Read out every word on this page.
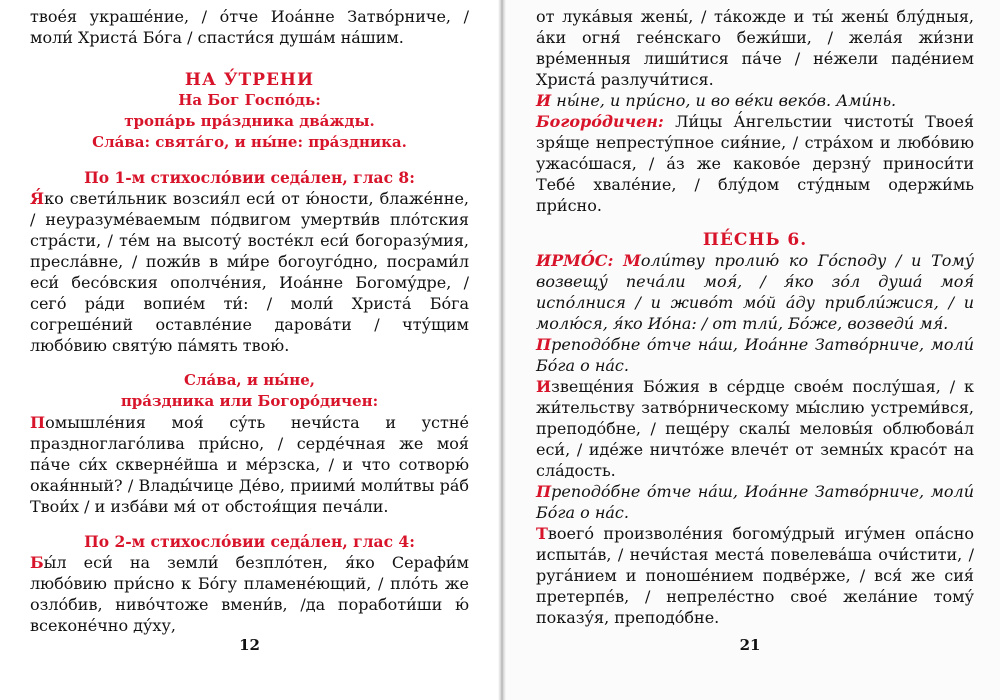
твое́я украше́ние, / о́тче Иоа́нне Затво́рниче, / моли́ Христа́ Бо́га / спасти́ся душа́м на́шим.

НА У́ТРЕНИ

На Бог Госпо́дь:

тропа́рь пра́здника два́жды.

Сла́ва: свята́го, и ны́не: пра́здника.

По 1-м стихосло́вии седа́лен, глас 8:

Я́ко свети́льник возсия́л еси́ от ю́ности, блаже́нне, / неуразуме́ваемым по́двигом умертви́в пло́тския стра́сти, / те́м на высоту́ восте́кл еси́ богоразу́мия, пресла́вне, / пожи́в в ми́ре богоуго́дно, посрами́л еси́ бесо́вския ополче́ния, Иоа́нне Богому́дре, / сего́ ра́ди вопие́м ти́: / моли́ Христа́ Бо́га согреше́ний оставле́ние дарова́ти / чту́щим любо́вию святу́ю па́мять твою́.

Сла́ва, и ны́не,

пра́здника или Богоро́дичен:

Помышле́ния моя́ су́ть нечи́ста и устне́ празднoглаго́лива при́сно, / серде́чная же моя́ па́че си́х скверне́йша и ме́рзска, / и что сотворю́ окая́нный? / Влады́чице Де́во, приими́ моли́твы ра́б Твои́х / и изба́ви мя́ от обстоя́щия печа́ли.

По 2-м стихосло́вии седа́лен, глас 4:

Бы́л еси́ на земли́ безпло́тен, я́ко Серафи́м любо́вию при́сно к Бо́гу пламене́ющий, / пло́ть же озло́бив, нивóчтоже вмени́в, /да поработи́ши ю́ всеконе́чно ду́ху,

12

от лука́выя жены́, / та́кожде и ты́ жены́ блу́дныя, а́ки огня́ гее́нскаго бежи́ши, / жела́я жи́зни вре́менныя лиши́тися па́че / не́жели паде́нием Христа́ разлучи́тися.

И ны́не, и при́сно, и во ве́ки веко́в. Ами́нь.

Богоро́дичен: Ли́цы А́нгельстии чистоты́ Твоея́ зря́ще непресту́пное сия́ние, / стра́хом и любо́вию ужасо́шася, / а́з же каково́е дерзну́ приноси́ти Тебе́ хвале́ние, / блу́дом сту́дным одержи́мь при́сно.

ПЕ́СНЬ 6.

ИРМО́С: Моли́тву пролию́ ко Го́споду / и Тому́ возвещу́ печа́ли моя́, / я́ко зо́л душа́ моя́ испо́лнися / и живо́т мо́й а́ду прибли́жися, / и молю́ся, я́ко Ио́на: / от тли́, Бо́же, возведи́ мя́.

Преподо́бне о́тче на́ш, Иоа́нне Затво́рниче, моли́ Бо́га о на́с.

Извеще́ния Бо́жия в се́рдце свое́м послу́шая, / к жи́тельству затво́рническому мы́слию устреми́вся, преподо́бне, / пеще́ру скалы́ меловы́я облюбова́л еси́, / иде́же ничто́же влече́т от земны́х красо́т на сла́дость.

Преподо́бне о́тче на́ш, Иоа́нне Затво́рниче, моли́ Бо́га о на́с.

Твоего́ произволе́ния богому́дрый игу́мен опа́сно испыта́в, / нечи́стая места́ повелева́ша очи́стити, / руга́нием и поноше́нием подве́рже, / вся́ же сия́ претерпе́в, / непреле́стно свое́ жела́ние тому́ показу́я, преподо́бне.

21
